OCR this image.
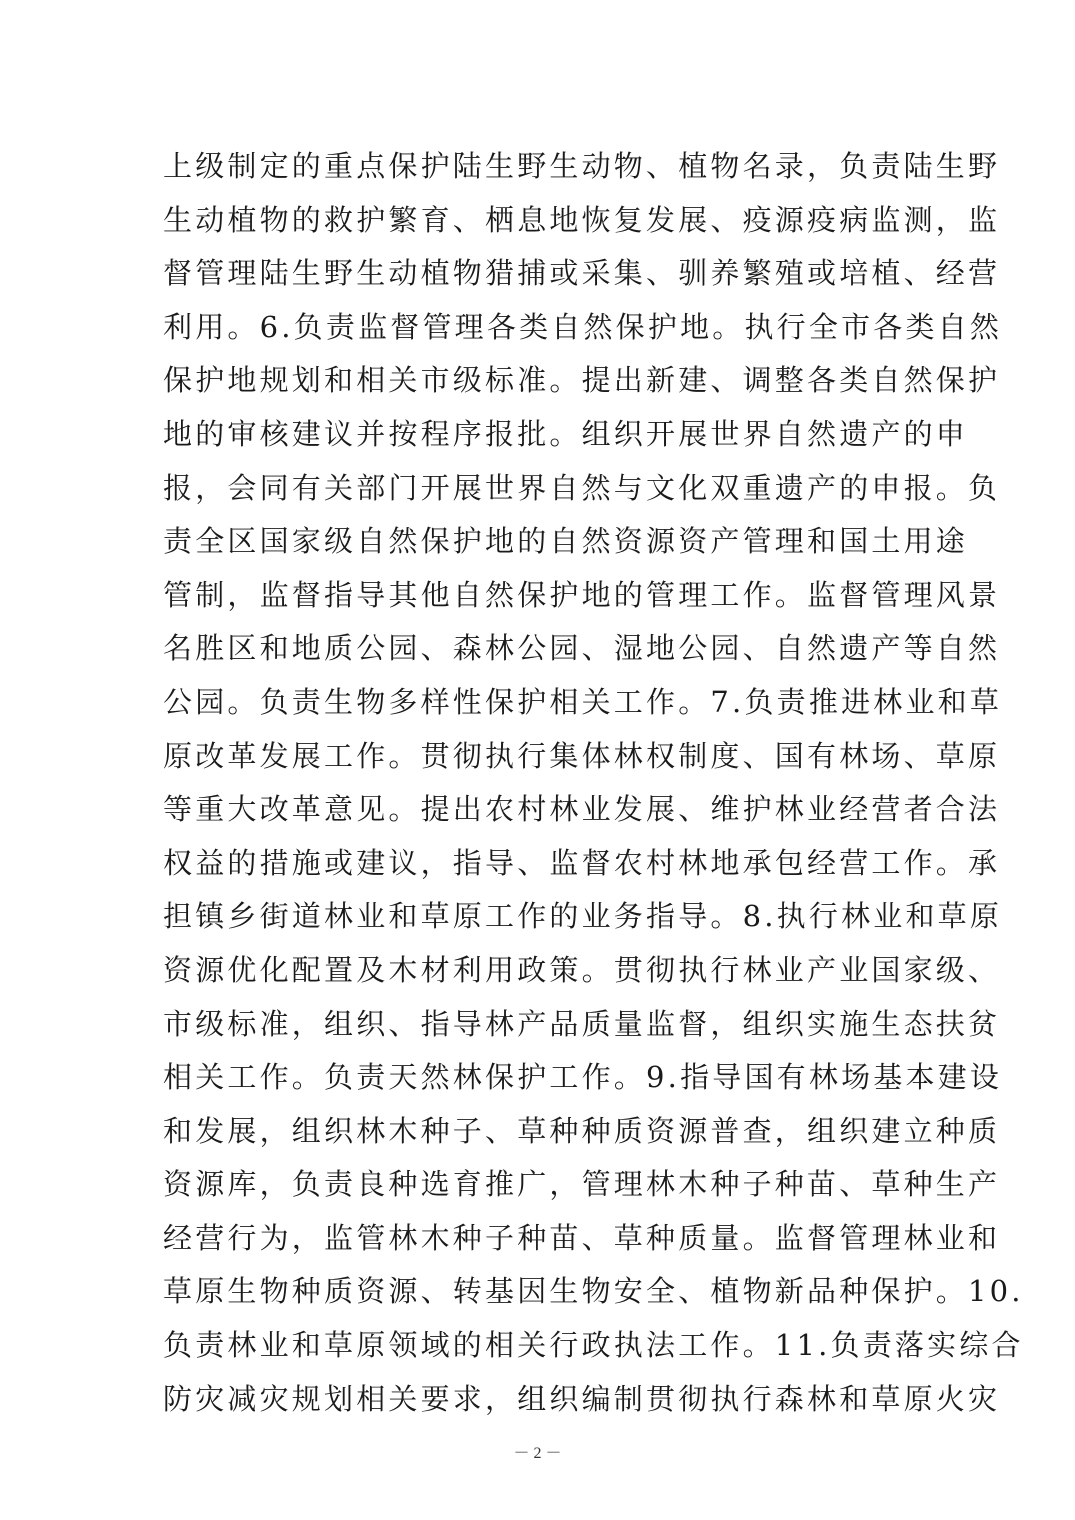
上级制定的重点保护陆生野生动物、植物名录，负责陆生野
生动植物的救护繁育、栖息地恢复发展、疫源疫病监测，监
督管理陆生野生动植物猎捕或采集、驯养繁殖或培植、经营
利用。6.负责监督管理各类自然保护地。执行全市各类自然
保护地规划和相关市级标准。提出新建、调整各类自然保护
地的审核建议并按程序报批。组织开展世界自然遗产的申
报，会同有关部门开展世界自然与文化双重遗产的申报。负
责全区国家级自然保护地的自然资源资产管理和国土用途
管制，监督指导其他自然保护地的管理工作。监督管理风景
名胜区和地质公园、森林公园、湿地公园、自然遗产等自然
公园。负责生物多样性保护相关工作。7.负责推进林业和草
原改革发展工作。贯彻执行集体林权制度、国有林场、草原
等重大改革意见。提出农村林业发展、维护林业经营者合法
权益的措施或建议，指导、监督农村林地承包经营工作。承
担镇乡街道林业和草原工作的业务指导。8.执行林业和草原
资源优化配置及木材利用政策。贯彻执行林业产业国家级、
市级标准，组织、指导林产品质量监督，组织实施生态扶贫
相关工作。负责天然林保护工作。9.指导国有林场基本建设
和发展，组织林木种子、草种种质资源普查，组织建立种质
资源库，负责良种选育推广，管理林木种子种苗、草种生产
经营行为，监管林木种子种苗、草种质量。监督管理林业和
草原生物种质资源、转基因生物安全、植物新品种保护。10.
负责林业和草原领域的相关行政执法工作。11.负责落实综合
防灾减灾规划相关要求，组织编制贯彻执行森林和草原火灾
－ 2 －
